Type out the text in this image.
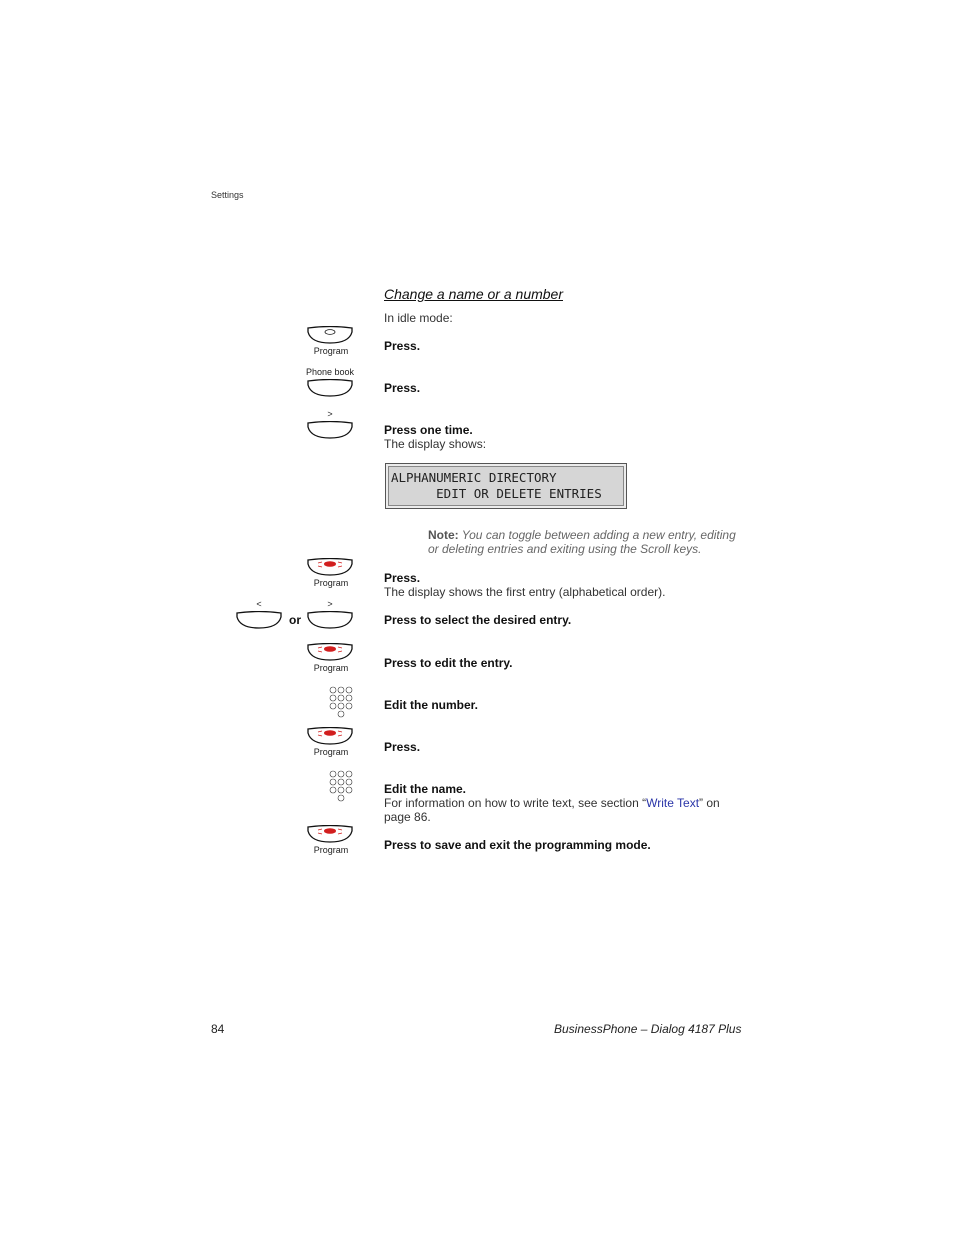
Settings
Change a name or a number
In idle mode:
Program	Press.
Phone book
Press.
>
Press one time.
The display shows:
ALPHANUMERIC DIRECTORY
EDIT OR DELETE ENTRIES
Note: You can toggle between adding a new entry, editing or deleting entries and exiting using the Scroll keys.
Program	Press.
The display shows the first entry (alphabetical order).
<	>
or	Press to select the desired entry.
Program	Press to edit the entry.
Edit the number.
Program	Press.
Edit the name.
For information on how to write text, see section “Write Text” on page 86.
Program	Press to save and exit the programming mode.
84	BusinessPhone – Dialog 4187 Plus
